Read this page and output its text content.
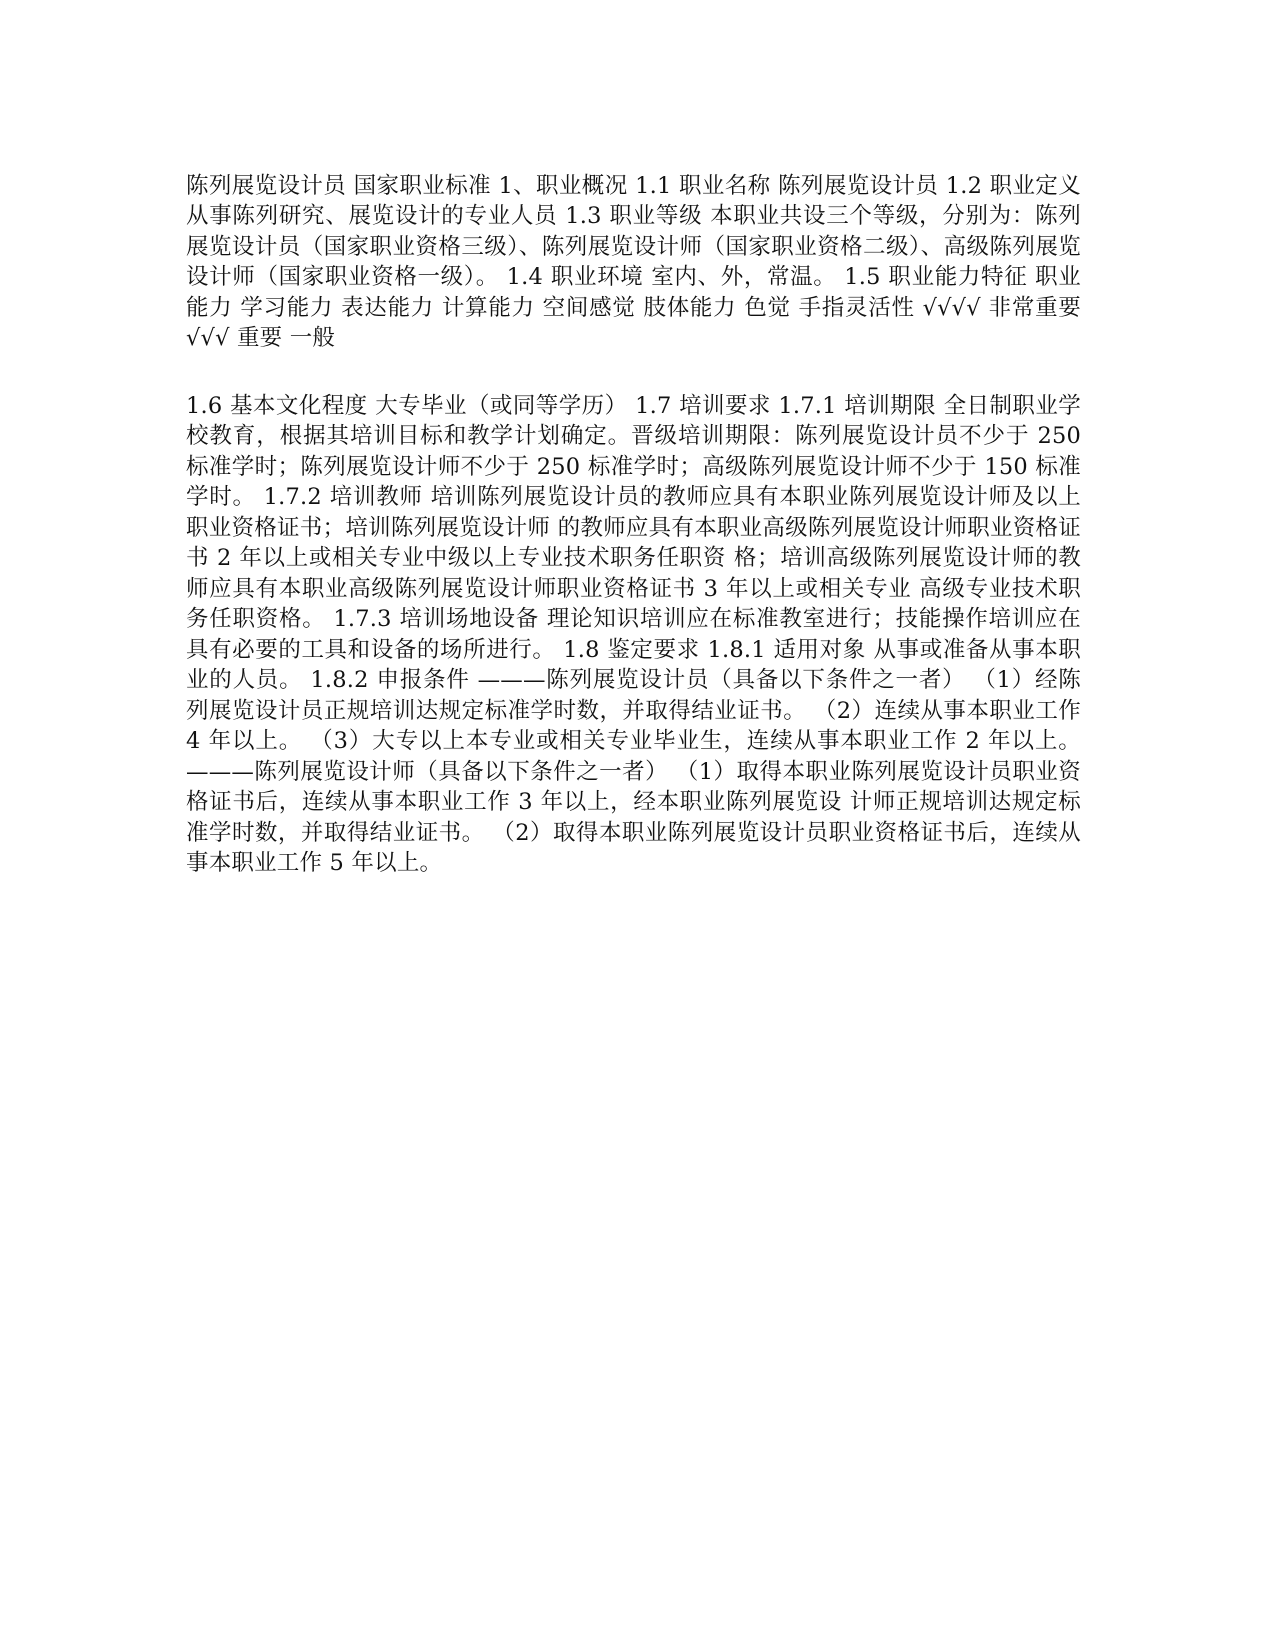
陈列展览设计员 国家职业标准 1、职业概况 1.1 职业名称 陈列展览设计员 1.2 职业定义 从事陈列研究、展览设计的专业人员 1.3 职业等级 本职业共设三个等级，分别为：陈列展览设计员（国家职业资格三级）、陈列展览设计师（国家职业资格二级）、高级陈列展览设计师（国家职业资格一级）。 1.4 职业环境 室内、外，常温。 1.5 职业能力特征 职业能力 学习能力 表达能力 计算能力 空间感觉 肢体能力 色觉 手指灵活性 √√√√ 非常重要 √√√ 重要 一般

1.6 基本文化程度 大专毕业（或同等学历） 1.7 培训要求 1.7.1 培训期限 全日制职业学校教育，根据其培训目标和教学计划确定。晋级培训期限：陈列展览设计员不少于 250 标准学时；陈列展览设计师不少于 250 标准学时；高级陈列展览设计师不少于 150 标准学时。 1.7.2 培训教师 培训陈列展览设计员的教师应具有本职业陈列展览设计师及以上职业资格证书；培训陈列展览设计师 的教师应具有本职业高级陈列展览设计师职业资格证书 2 年以上或相关专业中级以上专业技术职务任职资 格；培训高级陈列展览设计师的教师应具有本职业高级陈列展览设计师职业资格证书 3 年以上或相关专业 高级专业技术职务任职资格。 1.7.3 培训场地设备 理论知识培训应在标准教室进行；技能操作培训应在具有必要的工具和设备的场所进行。 1.8 鉴定要求 1.8.1 适用对象 从事或准备从事本职业的人员。 1.8.2 申报条件 ———陈列展览设计员（具备以下条件之一者） （1）经陈列展览设计员正规培训达规定标准学时数，并取得结业证书。 （2）连续从事本职业工作 4 年以上。 （3）大专以上本专业或相关专业毕业生，连续从事本职业工作 2 年以上。 ———陈列展览设计师（具备以下条件之一者） （1）取得本职业陈列展览设计员职业资格证书后，连续从事本职业工作 3 年以上，经本职业陈列展览设 计师正规培训达规定标准学时数，并取得结业证书。 （2）取得本职业陈列展览设计员职业资格证书后，连续从事本职业工作 5 年以上。
